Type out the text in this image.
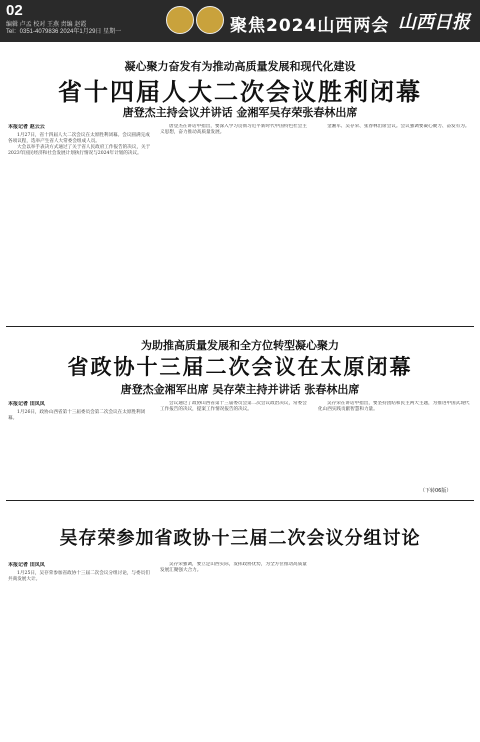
02
编辑 卢孟 校对 王燕 责编 赵霞
Tel：0351-4079836 2024年1月29日 星期一	聚焦2024山西两会 山西日报
凝心聚力奋发有为推动高质量发展和现代化建设
省十四届人大二次会议胜利闭幕
唐登杰主持会议并讲话 金湘军吴存荣张春林出席
本报记者 赵云云
1月27日，省十四届人大二次会议在太原胜利闭幕。会议圆满完成各项议程，选举产生省人大常委会组成人员。
大会以举手表决方式通过了关于省人民政府工作报告的决议，关于2023年国民经济和社会发展计划执行情况与2024年计划的决议。
唐登杰在讲话中指出，要深入学习贯彻习近平新时代中国特色社会主义思想，奋力推动高质量发展。
金湘军、吴存荣、张春林出席会议。会议强调要凝心聚力、奋发有为。
为助推高质量发展和全方位转型凝心聚力
省政协十三届二次会议在太原闭幕
唐登杰金湘军出席 吴存荣主持并讲话 张春林出席
本报记者 田凤凤
1月26日，政协山西省第十三届委员会第二次会议在太原胜利闭幕。
会议通过了政协山西省第十三届委员会第二次会议政治决议，常委会工作报告的决议，提案工作情况报告的决议。
吴存荣在讲话中指出，要坚持团结和民主两大主题，为推进中国式现代化山西实践贡献智慧和力量。
（下转06版）
吴存荣参加省政协十三届二次会议分组讨论
本报记者 田凤凤
1月25日，吴存荣参加省政协十三届二次会议分组讨论，与委员们共商发展大计。
吴存荣强调，要立足山西实际，发挥政协优势，为全方位推动高质量发展汇聚强大合力。
